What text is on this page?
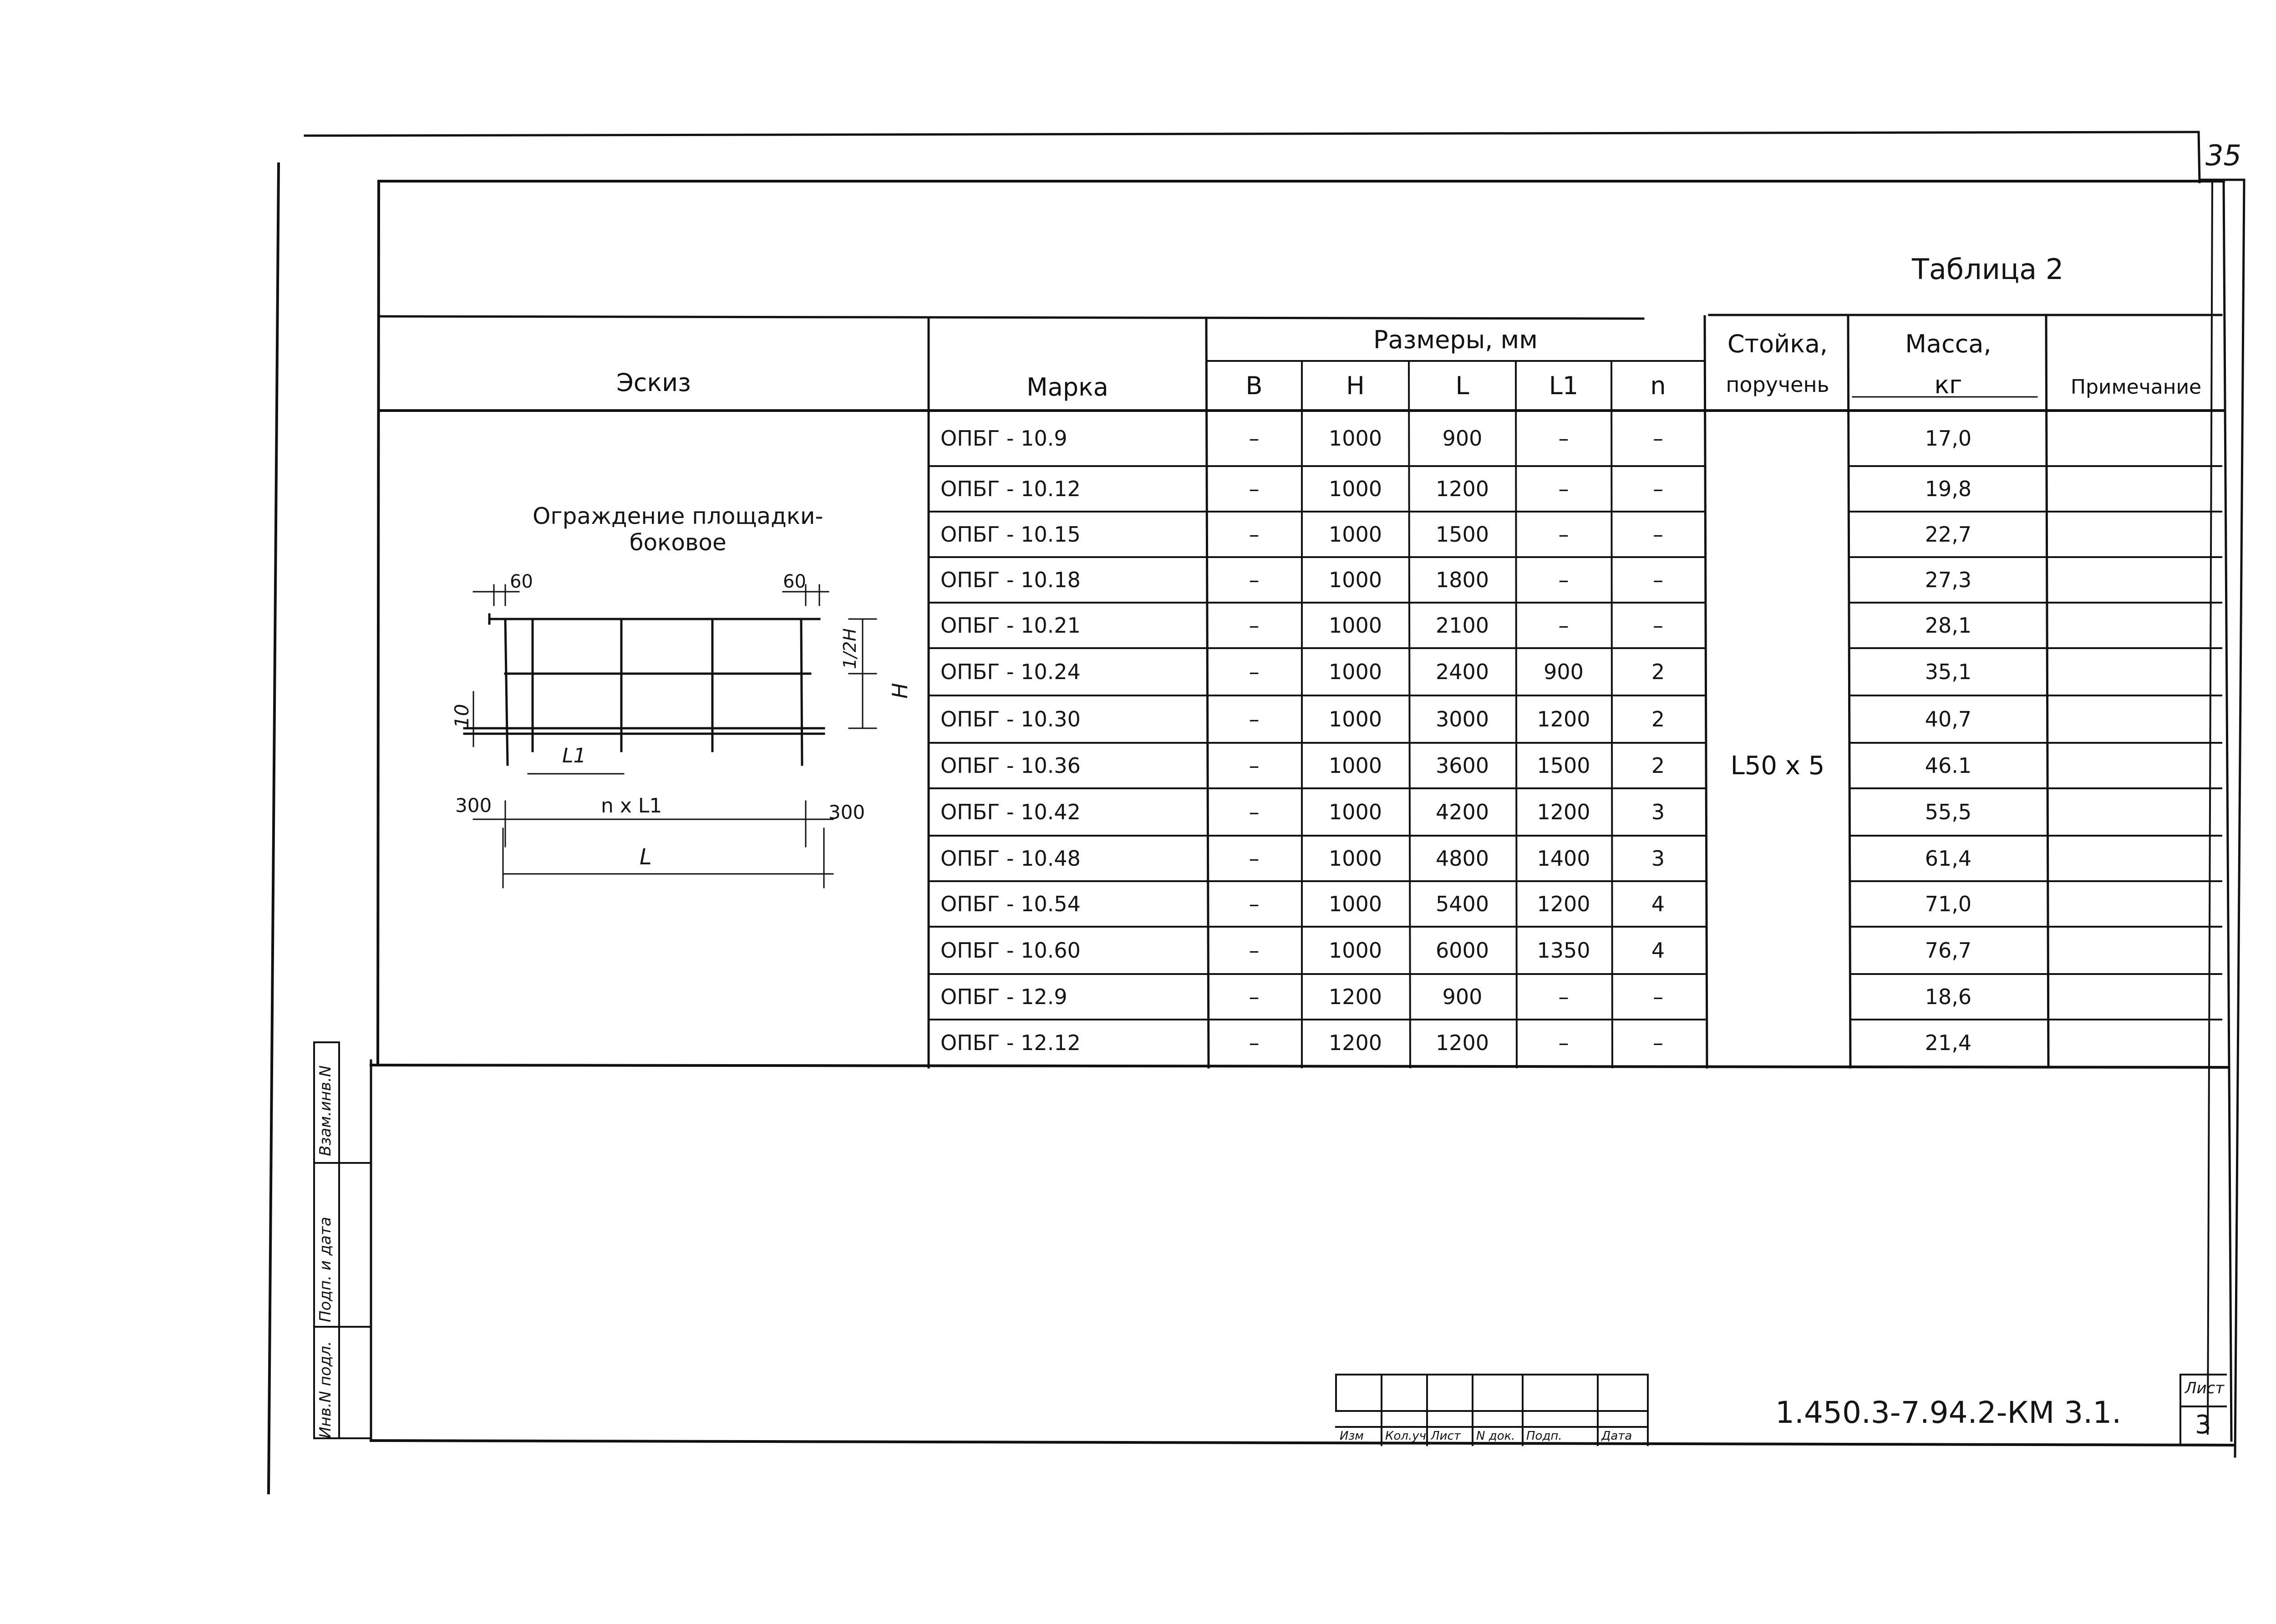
35
Таблица 2
Эскиз	Марка
Размеры, мм
В	Н	L	L1	n
Стойка,
поручень
Масса,
кг	Примечание
Ограждение площадки-
боковое
60	60
1/2Н
Н
10
L1
300	n x L1	300
L
L50 x 5
ОПБГ - 10.9	–	1000	900	–	–	17,0
ОПБГ - 10.12	–	1000	1200	–	–	19,8
ОПБГ - 10.15	–	1000	1500	–	–	22,7
ОПБГ - 10.18	–	1000	1800	–	–	27,3
ОПБГ - 10.21	–	1000	2100	–	–	28,1
ОПБГ - 10.24	–	1000	2400	900	2	35,1
ОПБГ - 10.30	–	1000	3000	1200	2	40,7
ОПБГ - 10.36	–	1000	3600	1500	2	46.1
ОПБГ - 10.42	–	1000	4200	1200	3	55,5
ОПБГ - 10.48	–	1000	4800	1400	3	61,4
ОПБГ - 10.54	–	1000	5400	1200	4	71,0
ОПБГ - 10.60	–	1000	6000	1350	4	76,7
ОПБГ - 12.9	–	1200	900	–	–	18,6
ОПБГ - 12.12	–	1200	1200	–	–	21,4
Инв.N подл.
Подп. и дата
Взам.инв.N
Изм	Кол.уч Лист	N док. Подп.	Дата
1.450.3-7.94.2-КМ 3.1.
Лист
3
